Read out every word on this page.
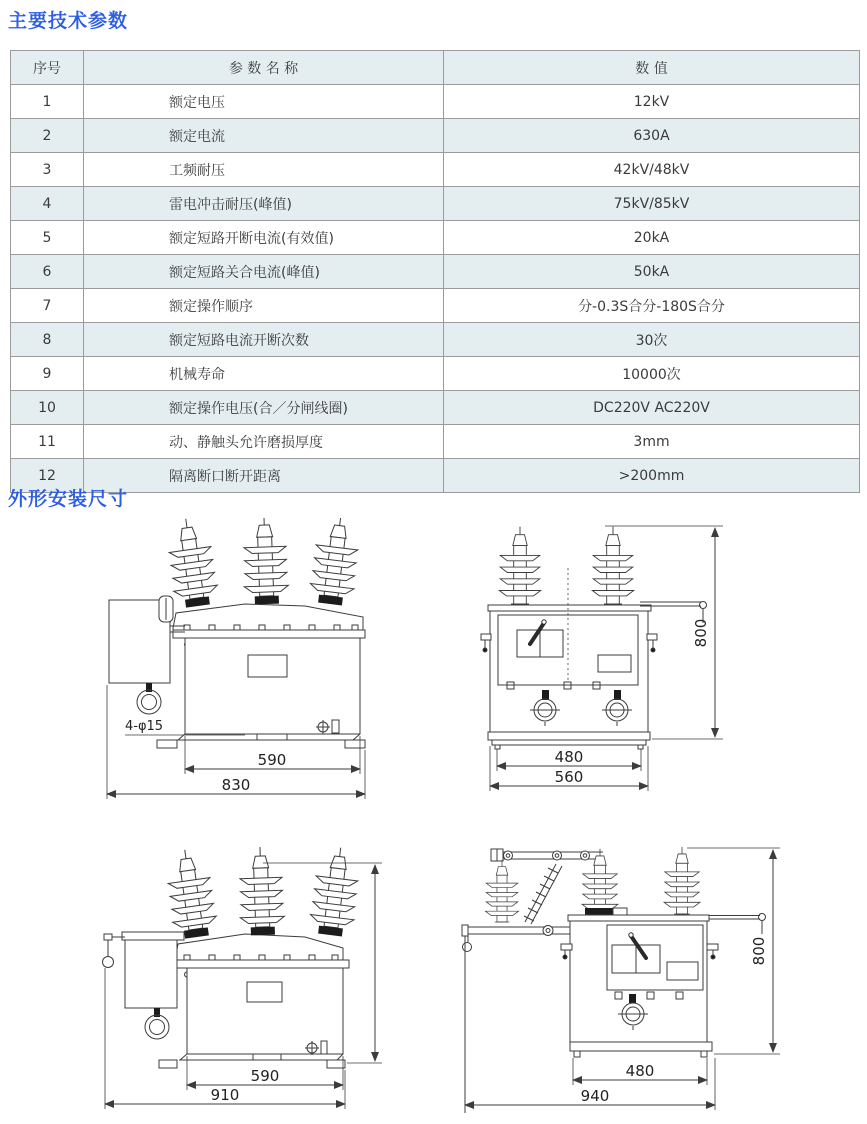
主要技术参数
序号	参 数 名 称	数 值
1	额定电压	12kV
2	额定电流	630A
3	工频耐压	42kV/48kV
4	雷电冲击耐压(峰值)	75kV/85kV
5	额定短路开断电流(有效值)	20kA
6	额定短路关合电流(峰值)	50kA
7	额定操作顺序	分-0.3S合分-180S合分
8	额定短路电流开断次数	30次
9	机械寿命	10000次
10	额定操作电压(合／分闸线圈)	DC220V AC220V
11	动、静触头允许磨损厚度	3mm
12	隔离断口断开距离	>200mm
外形安装尺寸
4-φ15
590
830
800
480
560
590
910
800
480
940
